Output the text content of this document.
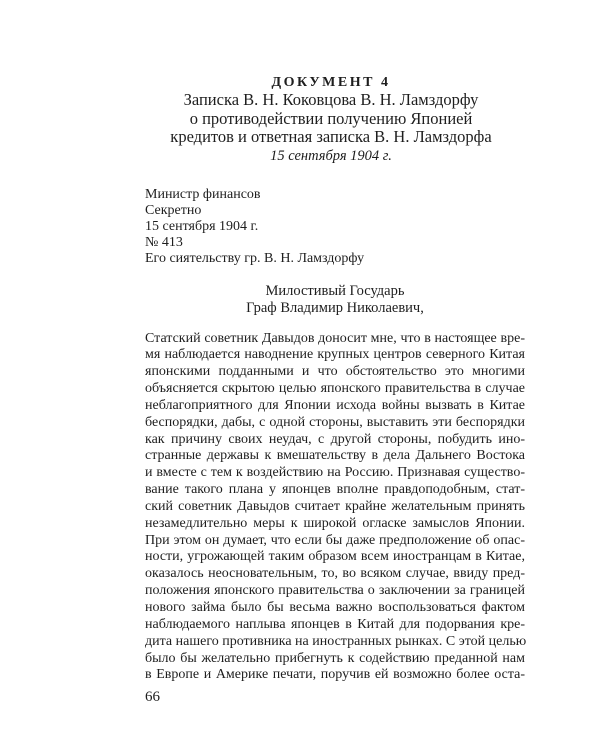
ДОКУМЕНТ 4
Записка В. Н. Коковцова В. Н. Ламздорфу
о противодействии получению Японией
кредитов и ответная записка В. Н. Ламздорфа
15 сентября 1904 г.
Министр финансов
Секретно
15 сентября 1904 г.
№ 413
Его сиятельству гр. В. Н. Ламздорфу
Милостивый Государь
Граф Владимир Николаевич,
Статский советник Давыдов доносит мне, что в настоящее вре-
мя наблюдается наводнение крупных центров северного Китая
японскими подданными и что обстоятельство это многими
объясняется скрытою целью японского правительства в случае
неблагоприятного для Японии исхода войны вызвать в Китае
беспорядки, дабы, с одной стороны, выставить эти беспорядки
как причину своих неудач, с другой стороны, побудить ино-
странные державы к вмешательству в дела Дальнего Востока
и вместе с тем к воздействию на Россию. Признавая существо-
вание такого плана у японцев вполне правдоподобным, стат-
ский советник Давыдов считает крайне желательным принять
незамедлительно меры к широкой огласке замыслов Японии.
При этом он думает, что если бы даже предположение об опас-
ности, угрожающей таким образом всем иностранцам в Китае,
оказалось неосновательным, то, во всяком случае, ввиду пред-
положения японского правительства о заключении за границей
нового займа было бы весьма важно воспользоваться фактом
наблюдаемого наплыва японцев в Китай для подорвания кре-
дита нашего противника на иностранных рынках. С этой целью
было бы желательно прибегнуть к содействию преданной нам
в Европе и Америке печати, поручив ей возможно более оста-
66
